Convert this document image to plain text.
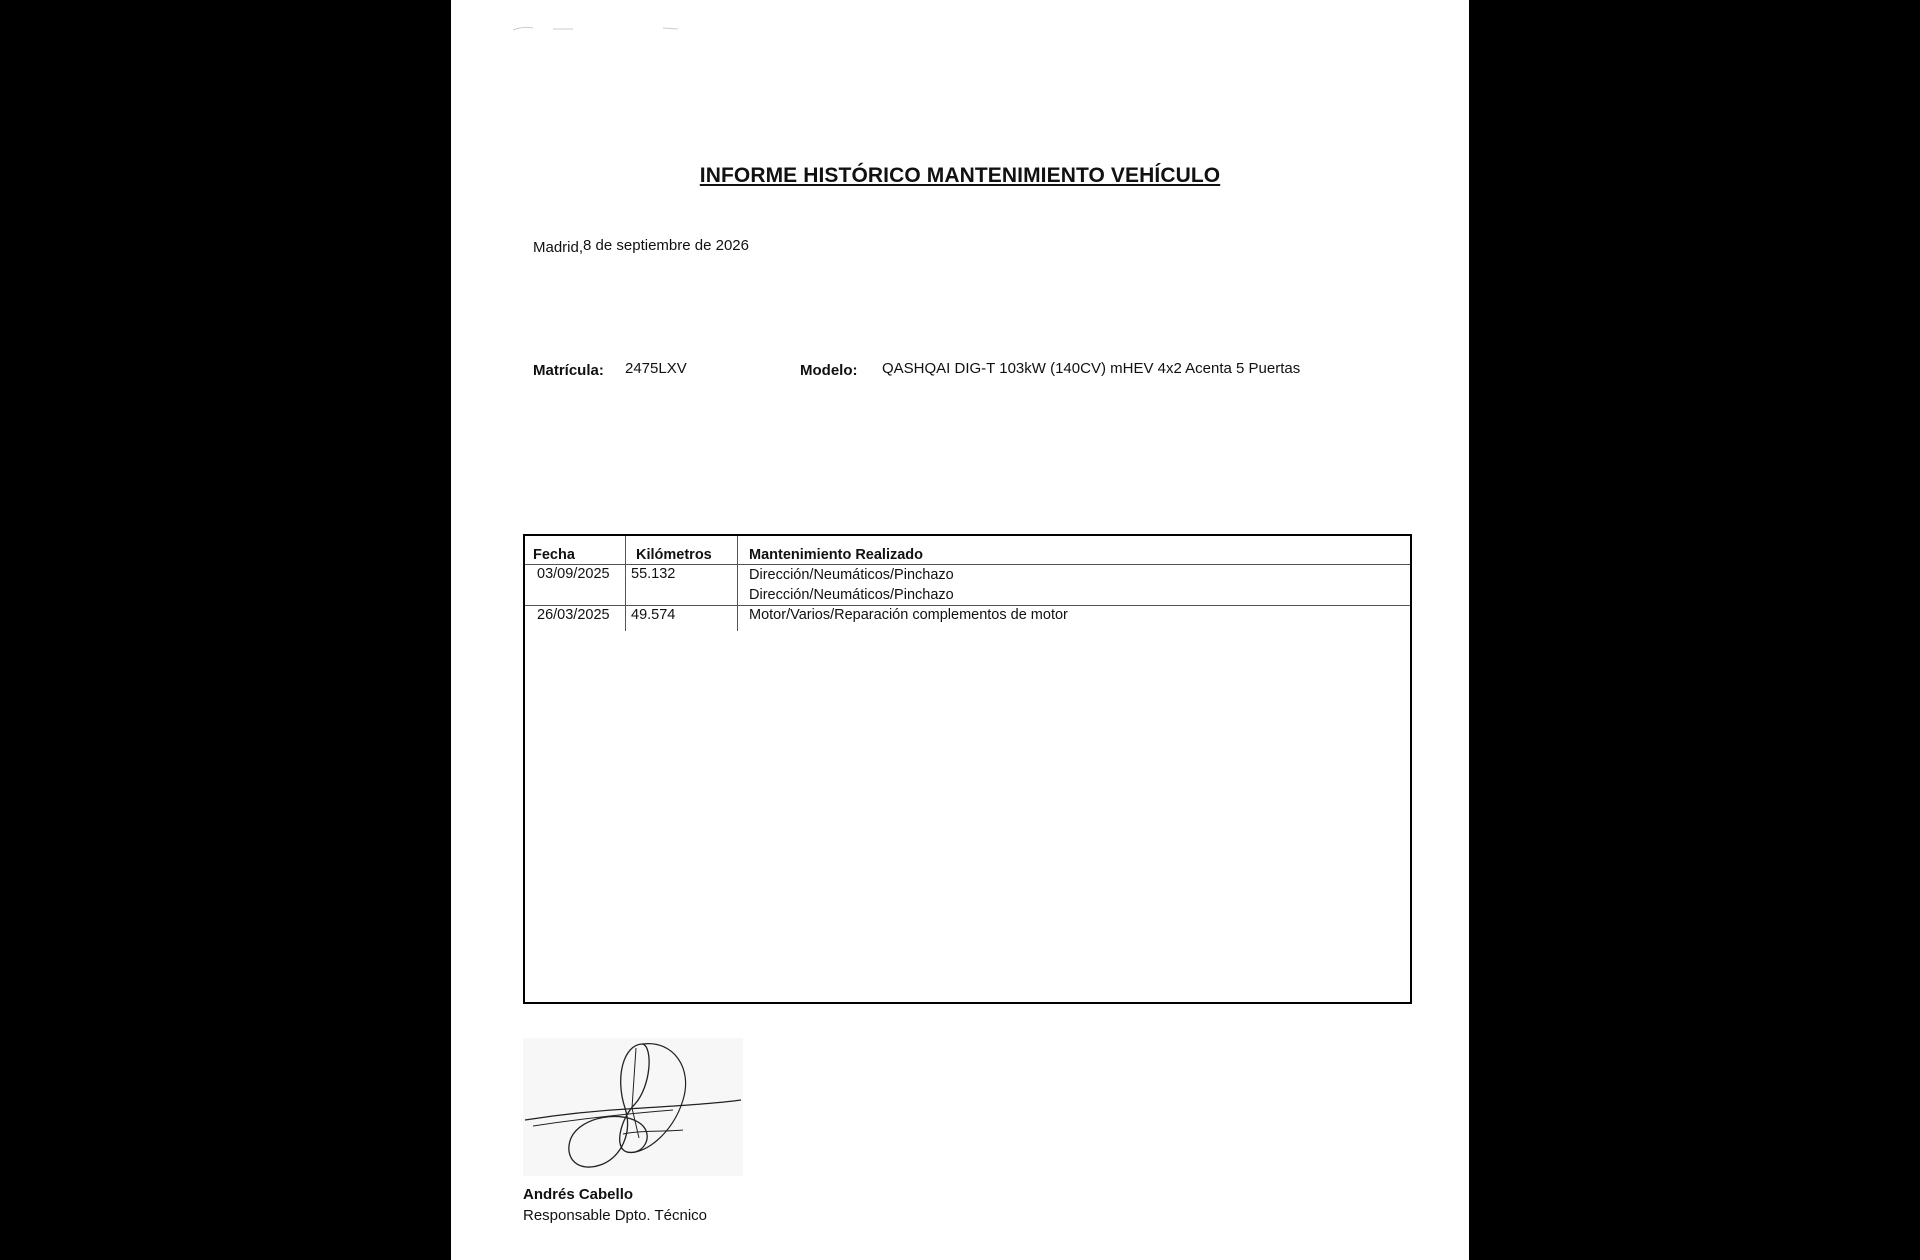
INFORME HISTÓRICO MANTENIMIENTO VEHÍCULO
Madrid,8 de septiembre de 2026
Matrícula: 2475LXV	Modelo: QASHQAI DIG-T 103kW (140CV) mHEV 4x2 Acenta 5 Puertas
Fecha	Kilómetros	Mantenimiento Realizado
03/09/2025 55.132	Dirección/Neumáticos/Pinchazo
Dirección/Neumáticos/Pinchazo
26/03/2025 49.574	Motor/Varios/Reparación complementos de motor
Andrés Cabello
Responsable Dpto. Técnico
